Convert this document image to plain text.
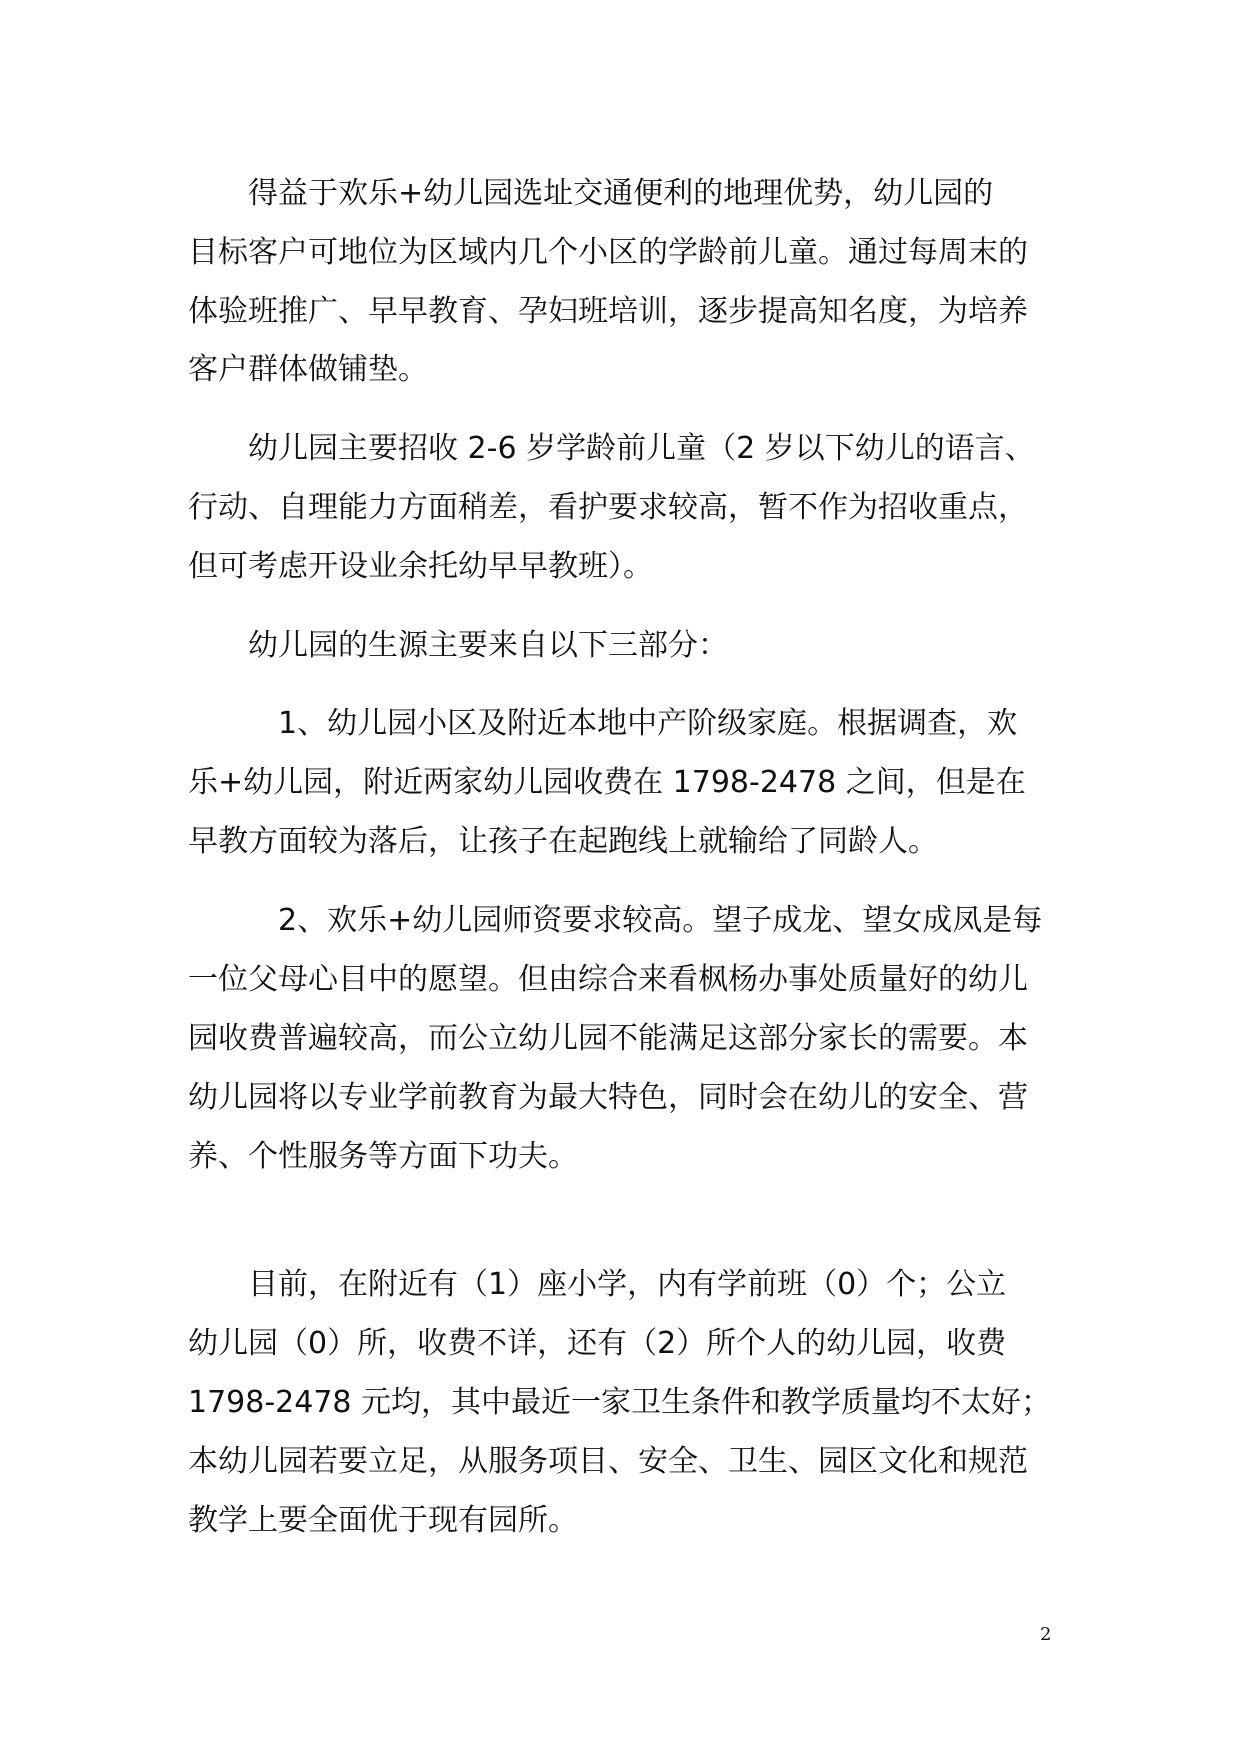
　　得益于欢乐+幼儿园选址交通便利的地理优势，幼儿园的
目标客户可地位为区域内几个小区的学龄前儿童。通过每周末的
体验班推广、早早教育、孕妇班培训，逐步提高知名度，为培养
客户群体做铺垫。
　　幼儿园主要招收 2-6 岁学龄前儿童（2 岁以下幼儿的语言、
行动、自理能力方面稍差，看护要求较高，暂不作为招收重点，
但可考虑开设业余托幼早早教班）。
　　幼儿园的生源主要来自以下三部分：
　　　1、幼儿园小区及附近本地中产阶级家庭。根据调查，欢
乐+幼儿园，附近两家幼儿园收费在 1798-2478 之间，但是在
早教方面较为落后，让孩子在起跑线上就输给了同龄人。
　　　2、欢乐+幼儿园师资要求较高。望子成龙、望女成凤是每
一位父母心目中的愿望。但由综合来看枫杨办事处质量好的幼儿
园收费普遍较高，而公立幼儿园不能满足这部分家长的需要。本
幼儿园将以专业学前教育为最大特色，同时会在幼儿的安全、营
养、个性服务等方面下功夫。
　　目前，在附近有（1）座小学，内有学前班（0）个；公立
幼儿园（0）所，收费不详，还有（2）所个人的幼儿园，收费
1798-2478 元均，其中最近一家卫生条件和教学质量均不太好；
本幼儿园若要立足，从服务项目、安全、卫生、园区文化和规范
教学上要全面优于现有园所。
2
